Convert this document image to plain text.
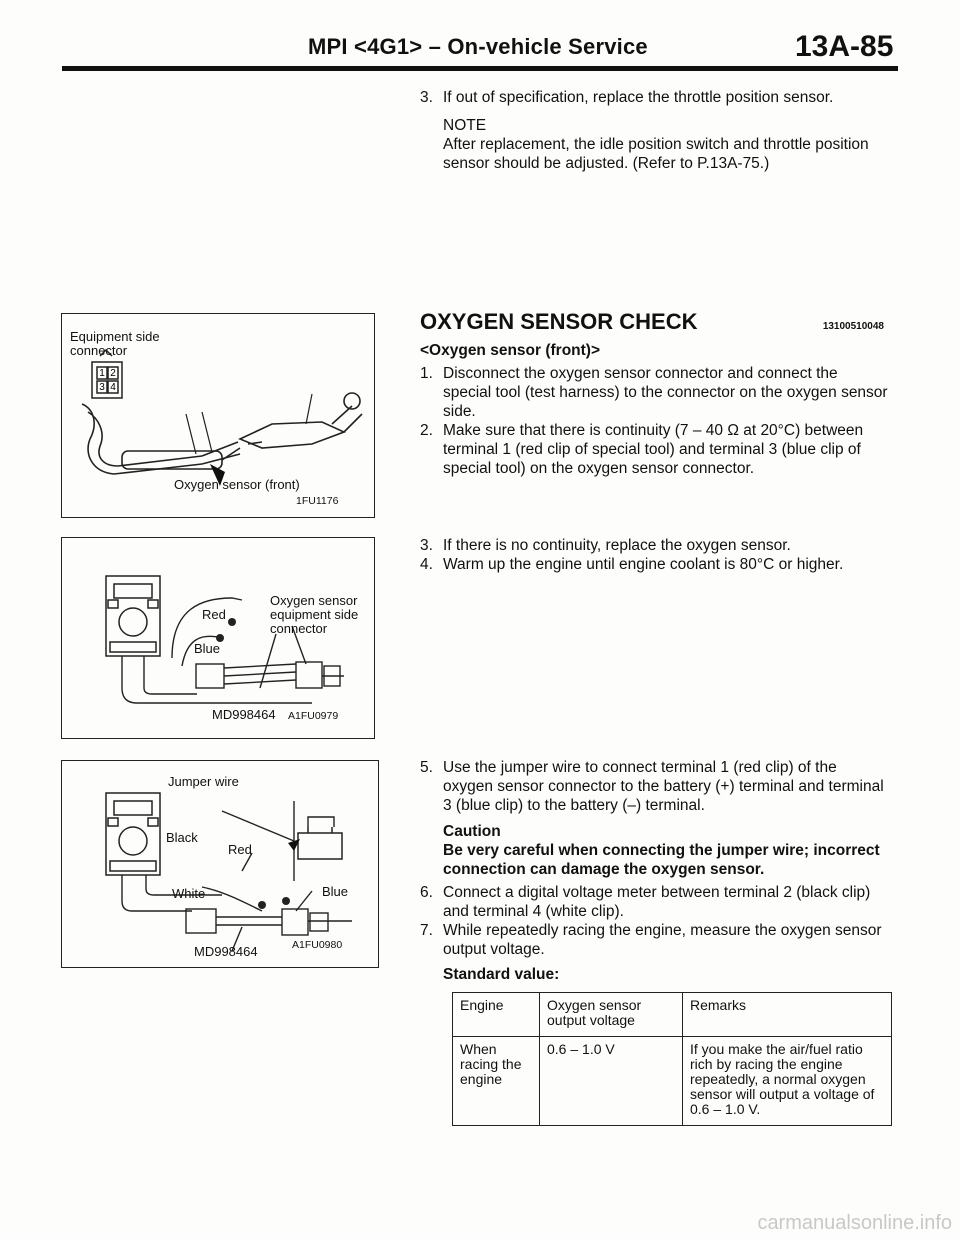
MPI <4G1> – On-vehicle Service	13A-85
3. If out of specification, replace the throttle position sensor.
NOTE
After replacement, the idle position switch and throttle position sensor should be adjusted. (Refer to P.13A-75.)
OXYGEN SENSOR CHECK	13100510048
<Oxygen sensor (front)>
1. Disconnect the oxygen sensor connector and connect the special tool (test harness) to the connector on the oxygen sensor side.
2. Make sure that there is continuity (7 – 40 Ω at 20°C) between terminal 1 (red clip of special tool) and terminal 3 (blue clip of special tool) on the oxygen sensor connector.
3. If there is no continuity, replace the oxygen sensor.
4. Warm up the engine until engine coolant is 80°C or higher.
5. Use the jumper wire to connect terminal 1 (red clip) of the oxygen sensor connector to the battery (+) terminal and terminal 3 (blue clip) to the battery (–) terminal.
Caution
Be very careful when connecting the jumper wire; incorrect connection can damage the oxygen sensor.
6. Connect a digital voltage meter between terminal 2 (black clip) and terminal 4 (white clip).
7. While repeatedly racing the engine, measure the oxygen sensor output voltage.
Standard value:
Engine	Oxygen sensor output voltage	Remarks
When racing the engine	0.6 – 1.0 V	If you make the air/fuel ratio rich by racing the engine repeatedly, a normal oxygen sensor will output a voltage of 0.6 – 1.0 V.
Equipment side connector
1 2
3 4
Oxygen sensor (front)
1FU1176
Red
Blue
Oxygen sensor equipment side connector
MD998464 A1FU0979
Jumper wire
Black
Red
White	Blue
MD998464	A1FU0980
carmanualsonline.info
